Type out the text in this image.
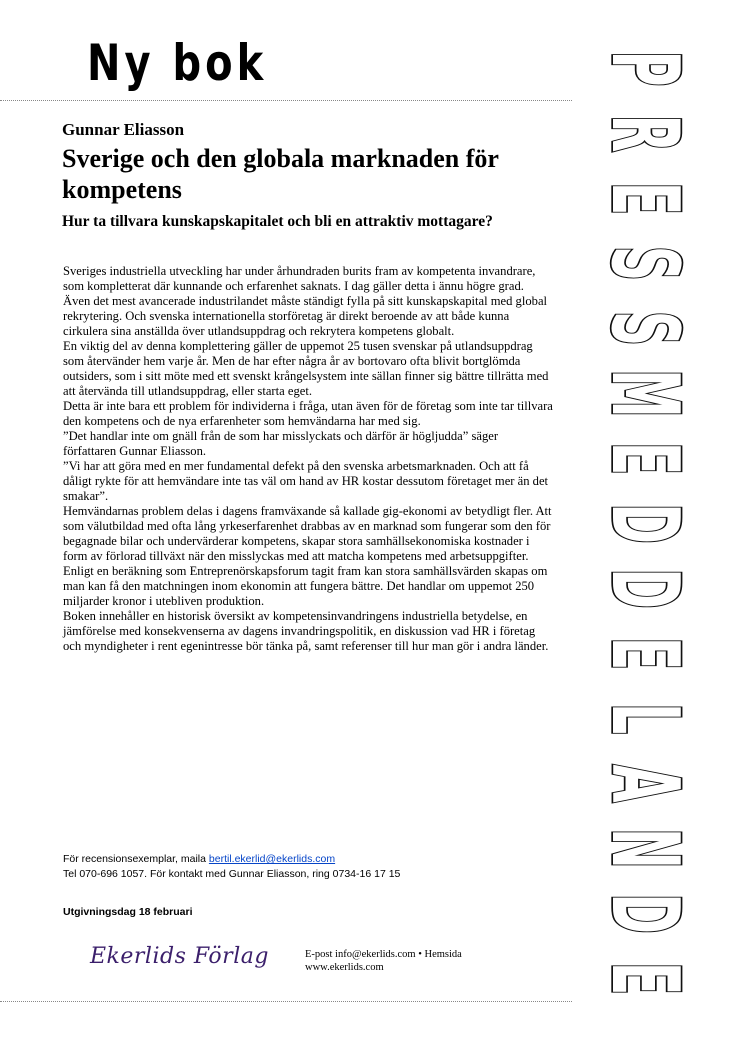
Ny bok
Gunnar Eliasson
Sverige och den globala marknaden för kompetens
Hur ta tillvara kunskapskapitalet och bli en attraktiv mottagare?

Sveriges industriella utveckling har under århundraden burits fram av kompetenta invandrare, som kompletterat där kunnande och erfarenhet saknats. I dag gäller detta i ännu högre grad. Även det mest avancerade industrilandet måste ständigt fylla på sitt kunskapskapital med global rekrytering. Och svenska internationella storföretag är direkt beroende av att både kunna cirkulera sina anställda över utlandsuppdrag och rekrytera kompetens globalt.

En viktig del av denna komplettering gäller de uppemot 25 tusen svenskar på utlandsuppdrag som återvänder hem varje år. Men de har efter några år av bortovaro ofta blivit bortglömda outsiders, som i sitt möte med ett svenskt krångelsystem inte sällan finner sig bättre tillrätta med att återvända till utlandsuppdrag, eller starta eget.

Detta är inte bara ett problem för individerna i fråga, utan även för de företag som inte tar tillvara den kompetens och de nya erfarenheter som hemvändarna har med sig.

”Det handlar inte om gnäll från de som har misslyckats och därför är högljudda” säger författaren Gunnar Eliasson.

”Vi har att göra med en mer fundamental defekt på den svenska arbetsmarknaden. Och att få dåligt rykte för att hemvändare inte tas väl om hand av HR kostar dessutom företaget mer än det smakar”.

Hemvändarnas problem delas i dagens framväxande så kallade gig-ekonomi av betydligt fler. Att som välutbildad med ofta lång yrkeserfarenhet drabbas av en marknad som fungerar som den för begagnade bilar och undervärderar kompetens, skapar stora samhällsekonomiska kostnader i form av förlorad tillväxt när den misslyckas med att matcha kompetens med arbetsuppgifter. Enligt en beräkning som Entreprenörskapsforum tagit fram kan stora samhällsvärden skapas om man kan få den matchningen inom ekonomin att fungera bättre. Det handlar om uppemot 250 miljarder kronor i utebliven produktion.

Boken innehåller en historisk översikt av kompetensinvandringens industriella betydelse, en jämförelse med konsekvenserna av dagens invandringspolitik, en diskussion vad HR i företag och myndigheter i rent egenintresse bör tänka på, samt referenser till hur man gör i andra länder.

För recensionsexemplar, maila bertil.ekerlid@ekerlids.com
Tel 070-696 1057. För kontakt med Gunnar Eliasson, ring 0734-16 17 15
Utgivningsdag 18 februari
Ekerlids Förlag	E-post info@ekerlids.com • Hemsida
www.ekerlids.com
P
R
E
S
S
M
E
D
D
E
L
A
N
D
E
